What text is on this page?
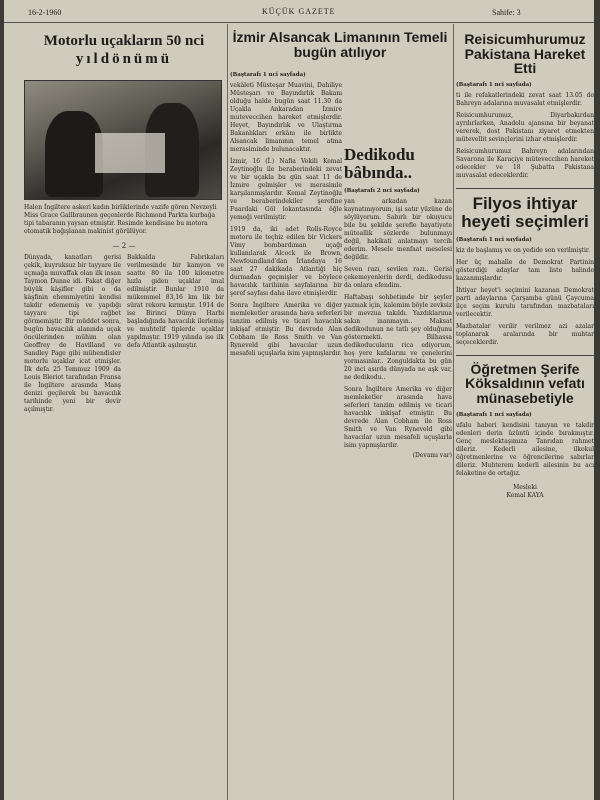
16-2-1960	KÜÇÜK GAZETE	Sahife: 3
Motorlu uçakların 50 nci
yıldönümü

Halen İngiltere askeri kadın birliklerinde vazife gören Nevzeyli Miss Grace Gallbraunen geçenlerde Richmond Parkta kurbağa tipi tabaranın yaysan etmiştir. Resimde kendisine bu motora otomatik bağışlanan makinist görülüyor.

— 2 —

Dünyada, kanatları gerisi çekik, kuyruksuz bir tayyare ile uçmağa muvaffak olan ilk insan Taymon Dunne idi. Fakat diğer büyük kâşifler gibi o da kâşfinin ehemmiyetini kendisi takdir edememiş ve yapdığı tayyare tipi rağbet görmemiştir. Bir müddet sonra, bugün havacılık alanında uçak öncülerinden mühim olan Geoffrey de Havilland ve Sandley Page gibi mühendisler motorlu uçaklar icat etmişler. İlk defa 25 Temmuz 1909 da Louis Bleriot tarafından Fransa ile İngiltere arasında Manş denizi geçilerek bu havacılık tarihinde yeni bir devir açılmıştır.

Bakkalda Fabrikaları verilmesinde bir kamyon ve saatte 80 ila 100 kilometre hızla giden uçaklar imal edilmiştir. Bunlar 1910 da mükemmel 83,16 km lik bir sürat rekoru kırmıştır. 1914 de ise Birinci Dünya Harbi başladığında havacılık ilerlemiş ve muhtelif tiplerde uçaklar yapılmıştır. 1919 yılında ise ilk defa Atlantik aşılmıştır.

İzmir Alsancak Limanının Temeli bugün atılıyor
(Baştarafı 1 nci sayfada)

vekâleti Müsteşar Muavini, Dahiliye Müsteşarı ve Bayındırlık Bakanı olduğu halde bugün saat 11.30 da Uçakla Ankaradan İzmire muteveccihen hareket etmişlerdir. Heyet, Bayındırlık ve Ulaştırma Bakanlıkları erkânı ile birlikte Alsancak limanının temel atma merasiminde bulunacaktır.

İzmir, 16 (İ.) Nafia Vekili Kemal Zeytinoğlu ile beraberindeki zevat ve bir uçakla bu gün saat 11 de İzmire gelmişler ve merasimle karşılanmışlardır. Kemal Zeytinoğlu ve beraberindekiler şerefine Fuardaki Göl lokantasında öğle yemeği verilmiştir.

1919 da, iki adet Rolls-Royce motoru ile teçhiz edilen bir Vickers Vimy bombardıman uçağı kullanılarak Alcock ile Brown, Newfoundland'dan İrlandaya 16 saat 27 dakikada Atlantiği hiç durmadan geçmişler ve böylece havacılık tarihinin sayfalarına bir şeref sayfası daha ilave etmişlerdir.

Sonra İngiltere Amerika ve diğer memleketler arasında hava seferleri tanzim edilmiş ve ticari havacılık inkişaf etmiştir. Bu devrede Alan Cobham ile Ross Smith ve Van Ryneveld gibi havacılar uzun mesafeli uçuşlarla isim yapmışlardır.

Dedikodu bâbında..
(Baştarafı 2 nci sayfada)

yan arkadan kazan kaynatmıyorum, işi satır yüzüne de söylüyorum. Sabırlı bir okuyucu bile bu şekilde şerefle hayatiyete müteallik sözlerde bulunmayı değil, hakikati anlatmayı tercih ederim. Mesele menfaat meselesi değildir.

Seven razı, sevilen razı.. Gerisi çekemeyenlerin derdi, dedikodusu da onlara efendim.

Haftabaşı sohbetimde bir şeyler yazmak için, kalemim böyle zevksiz bir mevzua takıldı. Yazdıklarıma sakın inanmayın.. Maksat dedikodunun ne tatlı şey olduğunu göstermekti. Bilhassa dedikoducuların rica ediyorum, hoş yere kafalarını ve çenelerini yormasınlar.. Zonguldakta bu gün 20 inci asırda dünyada ne aşk var, ne dedikodu..

Sonra İngiltere Amerika ve diğer memleketler arasında hava seferleri tanzim edilmiş ve ticari havacılık inkişaf etmiştir. Bu devrede Alan Cobham ile Ross Smith ve Van Ryneveld gibi havacılar uzun mesafeli uçuşlarla isim yapmışlardır.

(Devamı var)
Reisicumhurumuz Pakistana Hareket Etti
(Baştarafı 1 nci sayfada)

ti ile refakatlerindeki zevat saat 13.05 de Bahreyn adalarına muvasalat etmişlerdir.

Reisicumhurumuz, Diyarbakırdan ayrılırlarken, Anadolu ajansına bir beyanat vererek, dost Pakistanı ziyaret etmekten mütevellit sevinçlerini izhar etmişlerdir.

Reisicumhurumuz Bahreyn adalarından Savarona ile Karaçiye müteveccihen hareket edecekler ve 18 Şubatta Pakistana muvasalat edeceklerdir.

Filyos ihtiyar heyeti seçimleri
(Baştarafı 1 nci sayfada)

kiz de başlamış ve on yedide son verilmiştir.

Her üç mahalle de Demokrat Partinin gösterdiği adaylar tam liste halinde kazanmışlardır.

İhtiyar heyet'i seçimini kazanan Demokrat parti adaylarına Çarşamba günü Çaycuma ilçe seçim kurulu tarafından mazbataları verilecektir.

Mazbatalar verilir verilmez azi azalar toplanarak aralarında bir muhtar seçeceklerdir.

Öğretmen Şerife Köksaldının vefatı münasebetiyle
(Baştarafı 1 nci sayfada)

ufalu haberi kendisini tanıyan ve takdir edenleri derin üzüntü içinde bırakmıştır. Genç meslektaşımıza Tanrıdan rahmet dileriz. Kederli ailesine, ilkokul öğretmenlerine ve öğrencilerine sabırlar dileriz. Muhterem kederli ailesinin bu acı felaketine de ortağız.

Mesleki
Kemal KAYA
